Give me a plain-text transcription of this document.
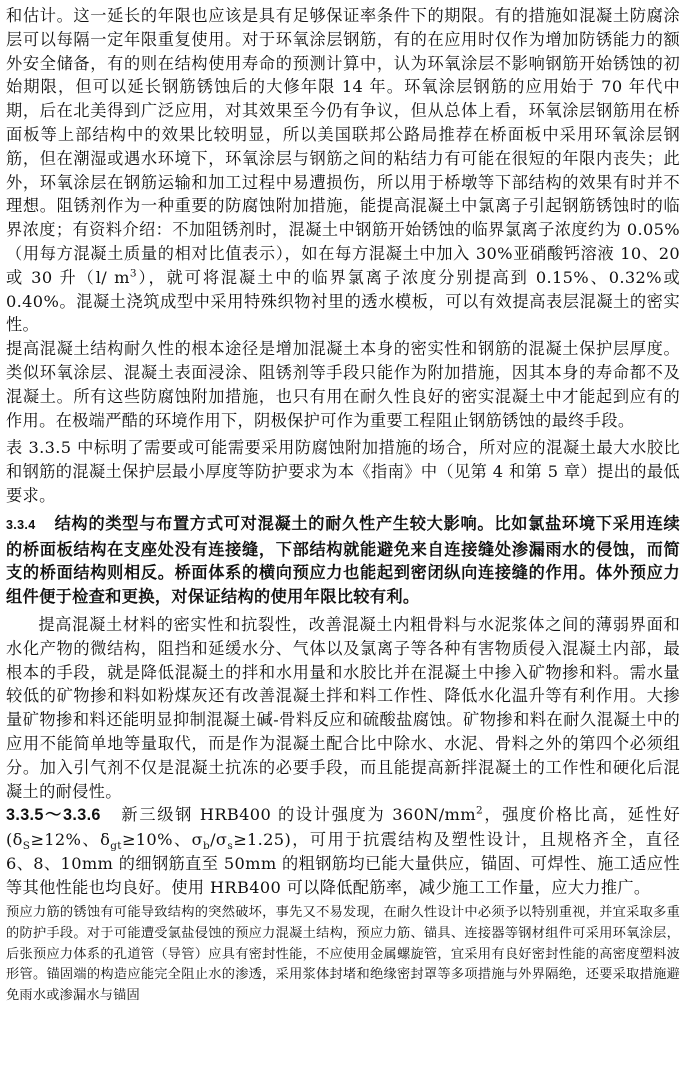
和估计。这一延长的年限也应该是具有足够保证率条件下的期限。有的措施如混凝土防腐涂层可以每隔一定年限重复使用。对于环氧涂层钢筋，有的在应用时仅作为增加防锈能力的额外安全储备，有的则在结构使用寿命的预测计算中，认为环氧涂层不影响钢筋开始锈蚀的初始期限，但可以延长钢筋锈蚀后的大修年限 14 年。环氧涂层钢筋的应用始于 70 年代中期，后在北美得到广泛应用，对其效果至今仍有争议，但从总体上看，环氧涂层钢筋用在桥面板等上部结构中的效果比较明显，所以美国联邦公路局推荐在桥面板中采用环氧涂层钢筋，但在潮湿或遇水环境下，环氧涂层与钢筋之间的粘结力有可能在很短的年限内丧失；此外，环氧涂层在钢筋运输和加工过程中易遭损伤，所以用于桥墩等下部结构的效果有时并不理想。阻锈剂作为一种重要的防腐蚀附加措施，能提高混凝土中氯离子引起钢筋锈蚀时的临界浓度；有资料介绍：不加阻锈剂时，混凝土中钢筋开始锈蚀的临界氯离子浓度约为 0.05%（用每方混凝土质量的相对比值表示），如在每方混凝土中加入 30%亚硝酸钙溶液 10、20 或 30 升（l/ $m^3$），就可将混凝土中的临界氯离子浓度分别提高到 0.15%、0.32%或 0.40%。混凝土浇筑成型中采用特殊织物衬里的透水模板，可以有效提高表层混凝土的密实性。

提高混凝土结构耐久性的根本途径是增加混凝土本身的密实性和钢筋的混凝土保护层厚度。类似环氧涂层、混凝土表面浸涂、阻锈剂等手段只能作为附加措施，因其本身的寿命都不及混凝土。所有这些防腐蚀附加措施，也只有用在耐久性良好的密实混凝土中才能起到应有的作用。在极端严酷的环境作用下，阴极保护可作为重要工程阻止钢筋锈蚀的最终手段。

表 3.3.5 中标明了需要或可能需要采用防腐蚀附加措施的场合，所对应的混凝土最大水胶比和钢筋的混凝土保护层最小厚度等防护要求为本《指南》中（见第 4 和第 5 章）提出的最低要求。

3.3.4 结构的类型与布置方式可对混凝土的耐久性产生较大影响。比如氯盐环境下采用连续的桥面板结构在支座处没有连接缝，下部结构就能避免来自连接缝处渗漏雨水的侵蚀，而简支的桥面结构则相反。桥面体系的横向预应力也能起到密闭纵向连接缝的作用。体外预应力组件便于检查和更换，对保证结构的使用年限比较有利。

提高混凝土材料的密实性和抗裂性，改善混凝土内粗骨料与水泥浆体之间的薄弱界面和水化产物的微结构，阻挡和延缓水分、气体以及氯离子等各种有害物质侵入混凝土内部，最根本的手段，就是降低混凝土的拌和水用量和水胶比并在混凝土中掺入矿物掺和料。需水量较低的矿物掺和料如粉煤灰还有改善混凝土拌和料工作性、降低水化温升等有利作用。大掺量矿物掺和料还能明显抑制混凝土碱-骨料反应和硫酸盐腐蚀。矿物掺和料在耐久混凝土中的应用不能简单地等量取代，而是作为混凝土配合比中除水、水泥、骨料之外的第四个必须组分。加入引气剂不仅是混凝土抗冻的必要手段，而且能提高新拌混凝土的工作性和硬化后混凝土的耐侵性。

3.3.5～3.3.6 新三级钢 HRB400 的设计强度为 $360N/mm^2$，强度价格比高，延性好($\delta_S\ge 12\%$、$\delta_{gt}\ge 10\%$、$\sigma_b/\sigma_s\ge 1.25$)，可用于抗震结构及塑性设计，且规格齐全，直径 6、8、10mm 的细钢筋直至 50mm 的粗钢筋均已能大量供应，锚固、可焊性、施工适应性等其他性能也均良好。使用 HRB400 可以降低配筋率，减少施工工作量，应大力推广。

预应力筋的锈蚀有可能导致结构的突然破坏，事先又不易发现，在耐久性设计中必须予以特别重视，并宜采取多重的防护手段。对于可能遭受氯盐侵蚀的预应力混凝土结构，预应力筋、锚具、连接器等钢材组件可采用环氧涂层，后张预应力体系的孔道管（导管）应具有密封性能，不应使用金属螺旋管，宜采用有良好密封性能的高密度塑料波形管。锚固端的构造应能完全阻止水的渗透，采用浆体封堵和绝缘密封罩等多项措施与外界隔绝，还要采取措施避免雨水或渗漏水与锚固
